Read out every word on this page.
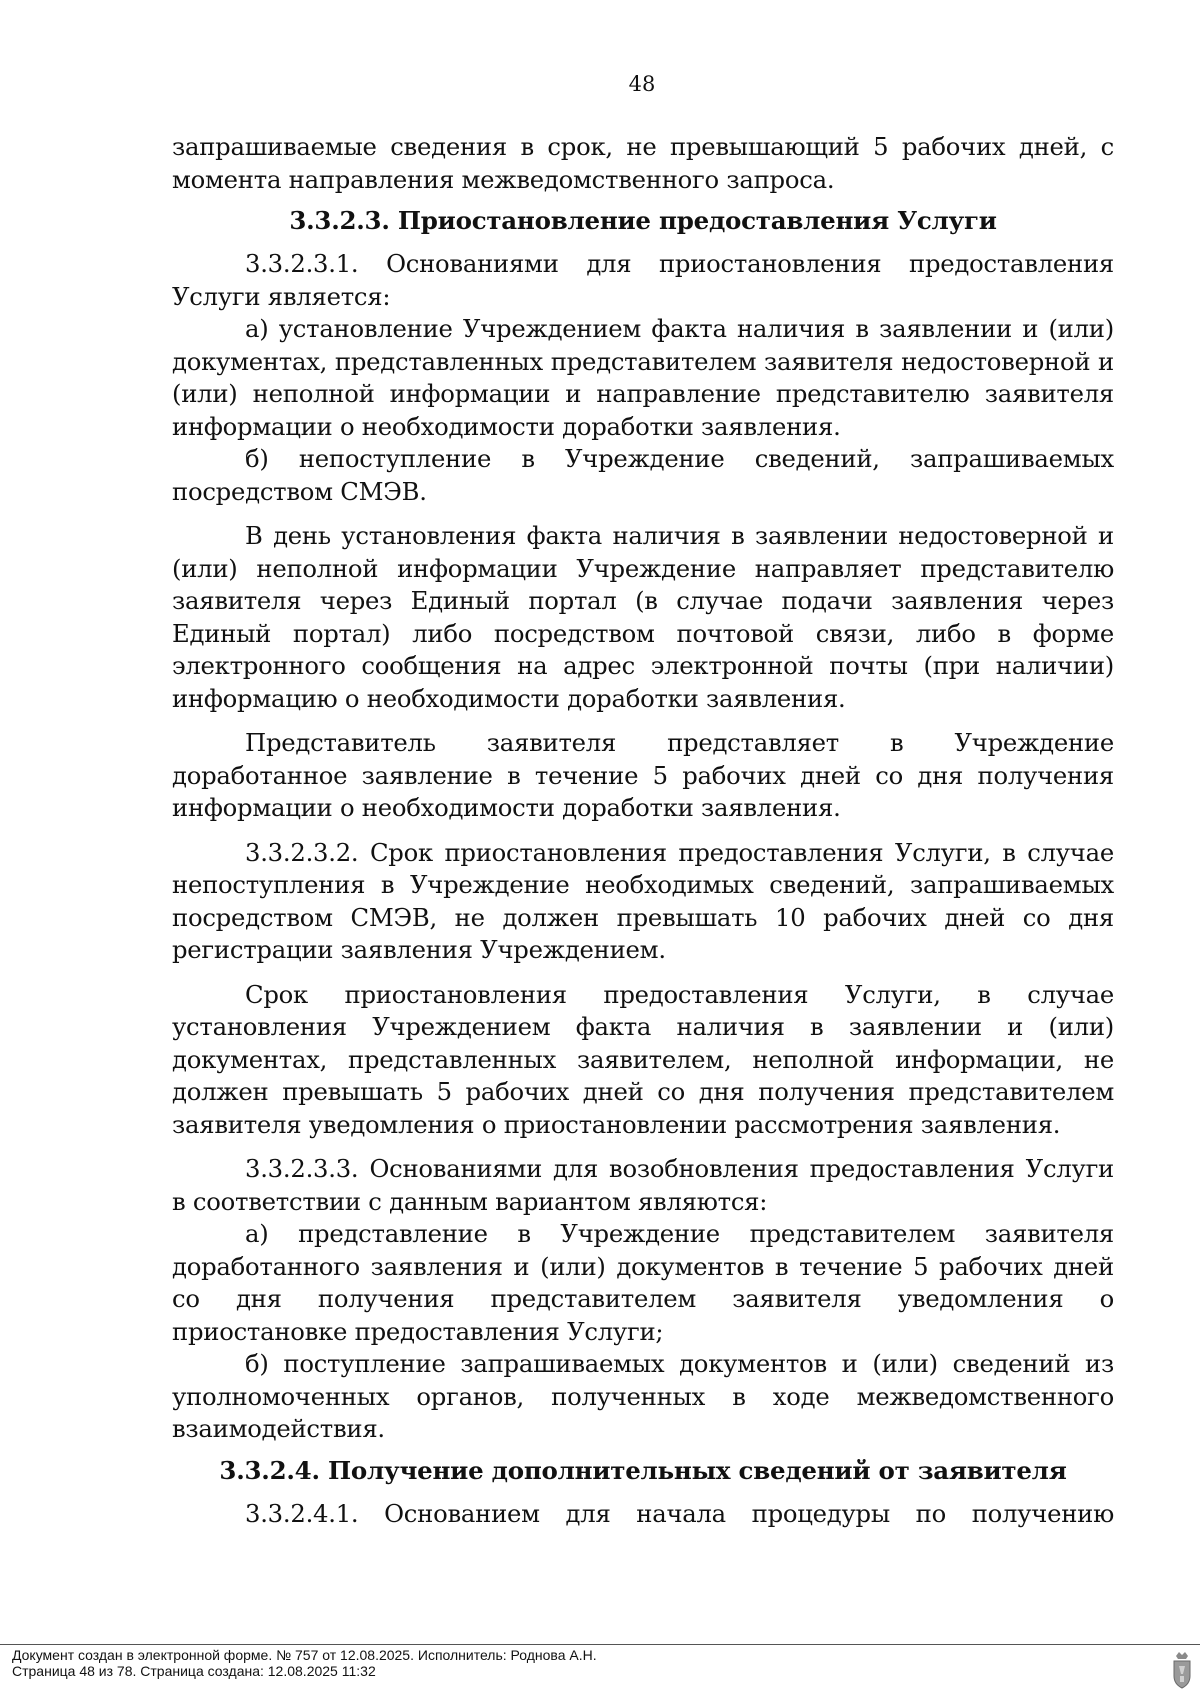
48

запрашиваемые сведения в срок, не превышающий 5 рабочих дней, с момента направления межведомственного запроса.

3.3.2.3. Приостановление предоставления Услуги

3.3.2.3.1. Основаниями для приостановления предоставления Услуги является:

а) установление Учреждением факта наличия в заявлении и (или) документах, представленных представителем заявителя недостоверной и (или) неполной информации и направление представителю заявителя информации о необходимости доработки заявления.

б) непоступление в Учреждение сведений, запрашиваемых посредством СМЭВ.

В день установления факта наличия в заявлении недостоверной и (или) неполной информации Учреждение направляет представителю заявителя через Единый портал (в случае подачи заявления через Единый портал) либо посредством почтовой связи, либо в форме электронного сообщения на адрес электронной почты (при наличии) информацию о необходимости доработки заявления.

Представитель заявителя представляет в Учреждение доработанное заявление в течение 5 рабочих дней со дня получения информации о необходимости доработки заявления.

3.3.2.3.2. Срок приостановления предоставления Услуги, в случае непоступления в Учреждение необходимых сведений, запрашиваемых посредством СМЭВ, не должен превышать 10 рабочих дней со дня регистрации заявления Учреждением.

Срок приостановления предоставления Услуги, в случае установления Учреждением факта наличия в заявлении и (или) документах, представленных заявителем, неполной информации, не должен превышать 5 рабочих дней со дня получения представителем заявителя уведомления о приостановлении рассмотрения заявления.

3.3.2.3.3. Основаниями для возобновления предоставления Услуги в соответствии с данным вариантом являются:

а) представление в Учреждение представителем заявителя доработанного заявления и (или) документов в течение 5 рабочих дней со дня получения представителем заявителя уведомления о приостановке предоставления Услуги;

б) поступление запрашиваемых документов и (или) сведений из уполномоченных органов, полученных в ходе межведомственного взаимодействия.

3.3.2.4. Получение дополнительных сведений от заявителя

3.3.2.4.1. Основанием для начала процедуры по получению

Документ создан в электронной форме. № 757 от 12.08.2025. Исполнитель: Роднова А.Н.
Страница 48 из 78. Страница создана: 12.08.2025 11:32
